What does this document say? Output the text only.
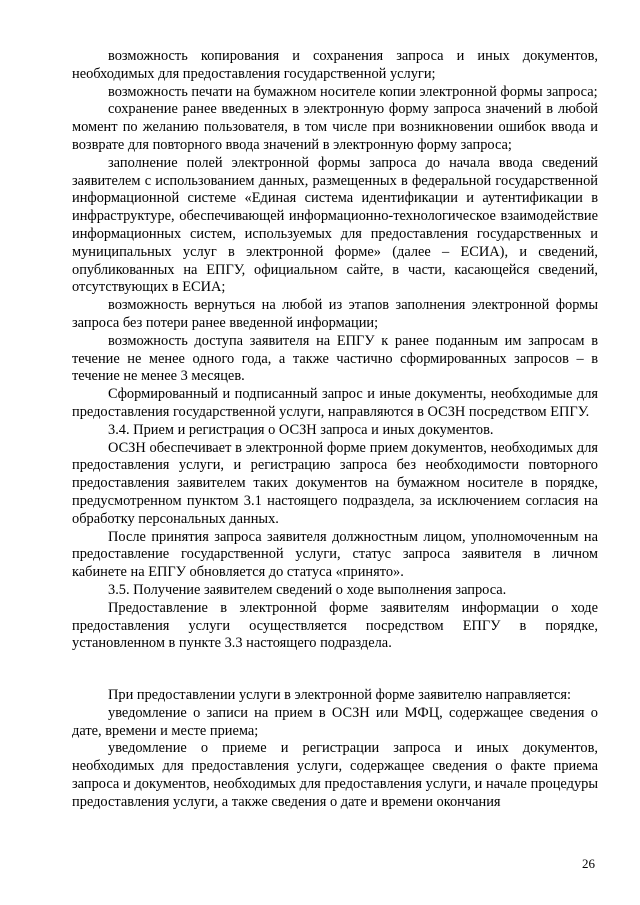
возможность копирования и сохранения запроса и иных документов, необходимых для предоставления государственной услуги;

возможность печати на бумажном носителе копии электронной формы запроса;

сохранение ранее введенных в электронную форму запроса значений в любой момент по желанию пользователя, в том числе при возникновении ошибок ввода и возврате для повторного ввода значений в электронную форму запроса;

заполнение полей электронной формы запроса до начала ввода сведений заявителем с использованием данных, размещенных в федеральной государственной информационной системе «Единая система идентификации и аутентификации в инфраструктуре, обеспечивающей информационно-технологическое взаимодействие информационных систем, используемых для предоставления государственных и муниципальных услуг в электронной форме» (далее – ЕСИА), и сведений, опубликованных на ЕПГУ, официальном сайте, в части, касающейся сведений, отсутствующих в ЕСИА;

возможность вернуться на любой из этапов заполнения электронной формы запроса без потери ранее введенной информации;

возможность доступа заявителя на ЕПГУ к ранее поданным им запросам в течение не менее одного года, а также частично сформированных запросов – в течение не менее 3 месяцев.

Сформированный и подписанный запрос и иные документы, необходимые для предоставления государственной услуги, направляются в ОСЗН посредством ЕПГУ.

3.4. Прием и регистрация о ОСЗН запроса и иных документов.

ОСЗН обеспечивает в электронной форме прием документов, необходимых для предоставления услуги, и регистрацию запроса без необходимости повторного предоставления заявителем таких документов на бумажном носителе в порядке, предусмотренном пунктом 3.1 настоящего подраздела, за исключением согласия на обработку персональных данных.

После принятия запроса заявителя должностным лицом, уполномоченным на предоставление государственной услуги, статус запроса заявителя в личном кабинете на ЕПГУ обновляется до статуса «принято».

3.5. Получение заявителем сведений о ходе выполнения запроса.

Предоставление в электронной форме заявителям информации о ходе предоставления услуги осуществляется посредством ЕПГУ в порядке, установленном в пункте 3.3 настоящего подраздела.

При предоставлении услуги в электронной форме заявителю направляется:

уведомление о записи на прием в ОСЗН или МФЦ, содержащее сведения о дате, времени и месте приема;

уведомление о приеме и регистрации запроса и иных документов, необходимых для предоставления услуги, содержащее сведения о факте приема запроса и документов, необходимых для предоставления услуги, и начале процедуры предоставления услуги, а также сведения о дате и времени окончания

26
